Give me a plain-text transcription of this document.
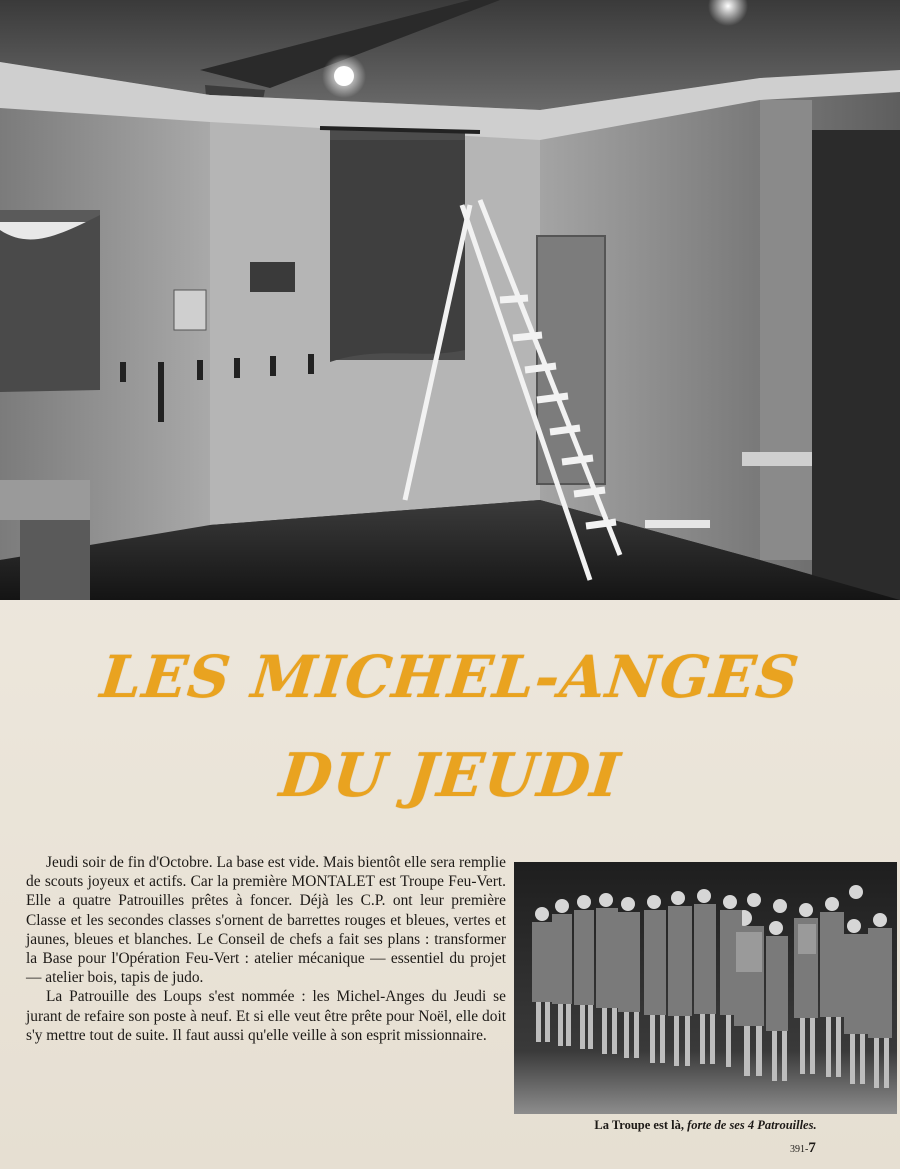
LES MICHEL-ANGES
DU JEUDI

Jeudi soir de fin d'Octobre. La base est vide. Mais bientôt elle sera remplie de scouts joyeux et actifs. Car la première MONTALET est Troupe Feu-Vert. Elle a quatre Patrouilles prêtes à foncer. Déjà les C.P. ont leur première Classe et les secondes classes s'ornent de barrettes rouges et bleues, vertes et jaunes, bleues et blanches. Le Conseil de chefs a fait ses plans : transformer la Base pour l'Opération Feu-Vert : atelier mécanique — essentiel du projet — atelier bois, tapis de judo.

La Patrouille des Loups s'est nommée : les Michel-Anges du Jeudi se jurant de refaire son poste à neuf. Et si elle veut être prête pour Noël, elle doit s'y mettre tout de suite. Il faut aussi qu'elle veille à son esprit missionnaire.

La Troupe est là, forte de ses 4 Patrouilles.
391-7
